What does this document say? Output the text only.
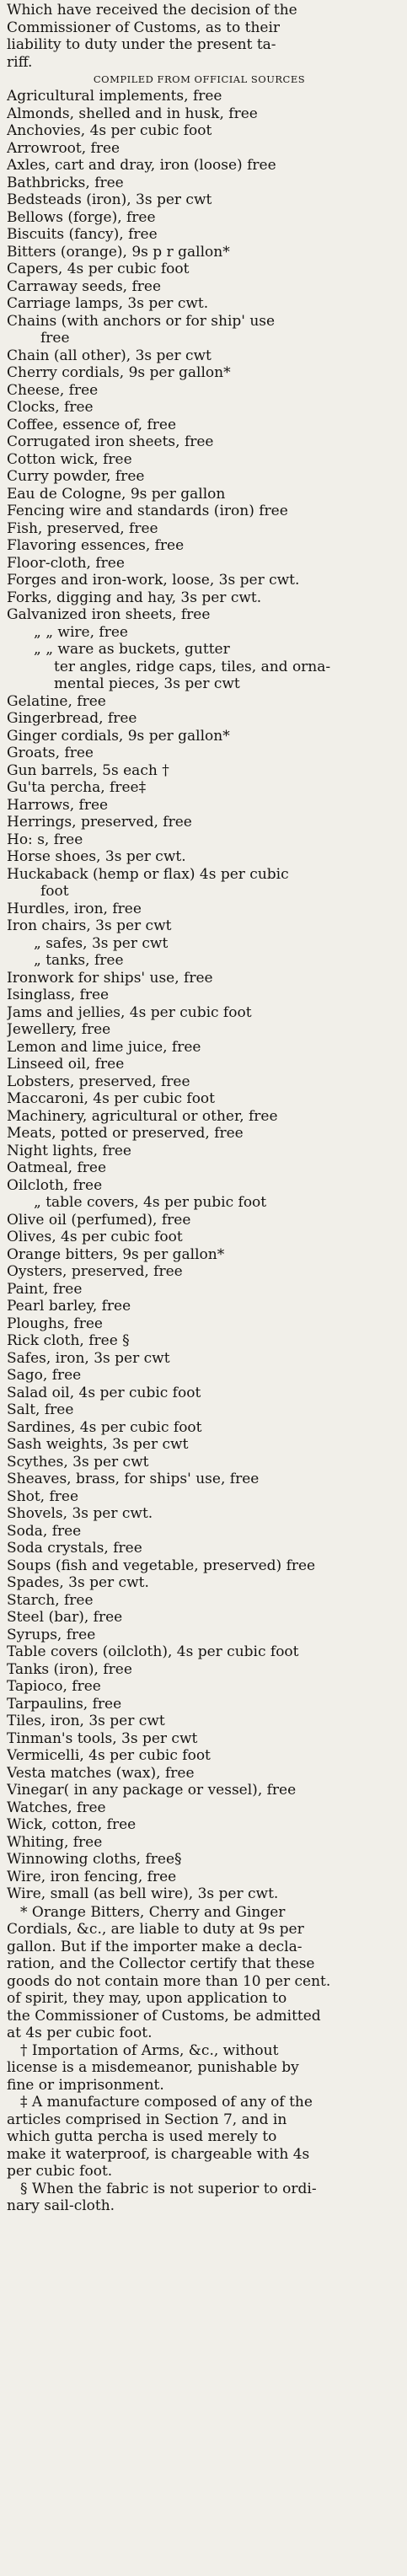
Which have received the decision of the
Commissioner of Customs, as to their
liability to duty under the present ta-
riff.
COMPILED FROM OFFICIAL SOURCES
Agricultural implements, free
Almonds, shelled and in husk, free
Anchovies, 4s per cubic foot
Arrowroot, free
Axles, cart and dray, iron (loose) free
Bathbricks, free
Bedsteads (iron), 3s per cwt
Bellows (forge), free
Biscuits (fancy), free
Bitters (orange), 9s p r gallon*
Capers, 4s per cubic foot
Carraway seeds, free
Carriage lamps, 3s per cwt.
Chains (with anchors or for ship' use
free
Chain (all other), 3s per cwt
Cherry cordials, 9s per gallon*
Cheese, free
Clocks, free
Coffee, essence of, free
Corrugated iron sheets, free
Cotton wick, free
Curry powder, free
Eau de Cologne, 9s per gallon
Fencing wire and standards (iron) free
Fish, preserved, free
Flavoring essences, free
Floor-cloth, free
Forges and iron-work, loose, 3s per cwt.
Forks, digging and hay, 3s per cwt.
Galvanized iron sheets, free
„ „ wire, free
„ „ ware as buckets, gutter
ter angles, ridge caps, tiles, and orna-
mental pieces, 3s per cwt
Gelatine, free
Gingerbread, free
Ginger cordials, 9s per gallon*
Groats, free
Gun barrels, 5s each †
Gu'ta percha, free‡
Harrows, free
Herrings, preserved, free
Ho: s, free
Horse shoes, 3s per cwt.
Huckaback (hemp or flax) 4s per cubic
foot
Hurdles, iron, free
Iron chairs, 3s per cwt
„ safes, 3s per cwt
„ tanks, free
Ironwork for ships' use, free
Isinglass, free
Jams and jellies, 4s per cubic foot
Jewellery, free
Lemon and lime juice, free
Linseed oil, free
Lobsters, preserved, free
Maccaroni, 4s per cubic foot
Machinery, agricultural or other, free
Meats, potted or preserved, free
Night lights, free
Oatmeal, free
Oilcloth, free
„ table covers, 4s per pubic foot
Olive oil (perfumed), free
Olives, 4s per cubic foot
Orange bitters, 9s per gallon*
Oysters, preserved, free
Paint, free
Pearl barley, free
Ploughs, free
Rick cloth, free §
Safes, iron, 3s per cwt
Sago, free
Salad oil, 4s per cubic foot
Salt, free
Sardines, 4s per cubic foot
Sash weights, 3s per cwt
Scythes, 3s per cwt
Sheaves, brass, for ships' use, free
Shot, free
Shovels, 3s per cwt.
Soda, free
Soda crystals, free
Soups (fish and vegetable, preserved) free
Spades, 3s per cwt.
Starch, free
Steel (bar), free
Syrups, free
Table covers (oilcloth), 4s per cubic foot
Tanks (iron), free
Tapioco, free
Tarpaulins, free
Tiles, iron, 3s per cwt
Tinman's tools, 3s per cwt
Vermicelli, 4s per cubic foot
Vesta matches (wax), free
Vinegar( in any package or vessel), free
Watches, free
Wick, cotton, free
Whiting, free
Winnowing cloths, free§
Wire, iron fencing, free
Wire, small (as bell wire), 3s per cwt.
* Orange Bitters, Cherry and Ginger
Cordials, &c., are liable to duty at 9s per
gallon. But if the importer make a decla-
ration, and the Collector certify that these
goods do not contain more than 10 per cent.
of spirit, they may, upon application to
the Commissioner of Customs, be admitted
at 4s per cubic foot.
† Importation of Arms, &c., without
license is a misdemeanor, punishable by
fine or imprisonment.
‡ A manufacture composed of any of the
articles comprised in Section 7, and in
which gutta percha is used merely to
make it waterproof, is chargeable with 4s
per cubic foot.
§ When the fabric is not superior to ordi-
nary sail-cloth.
